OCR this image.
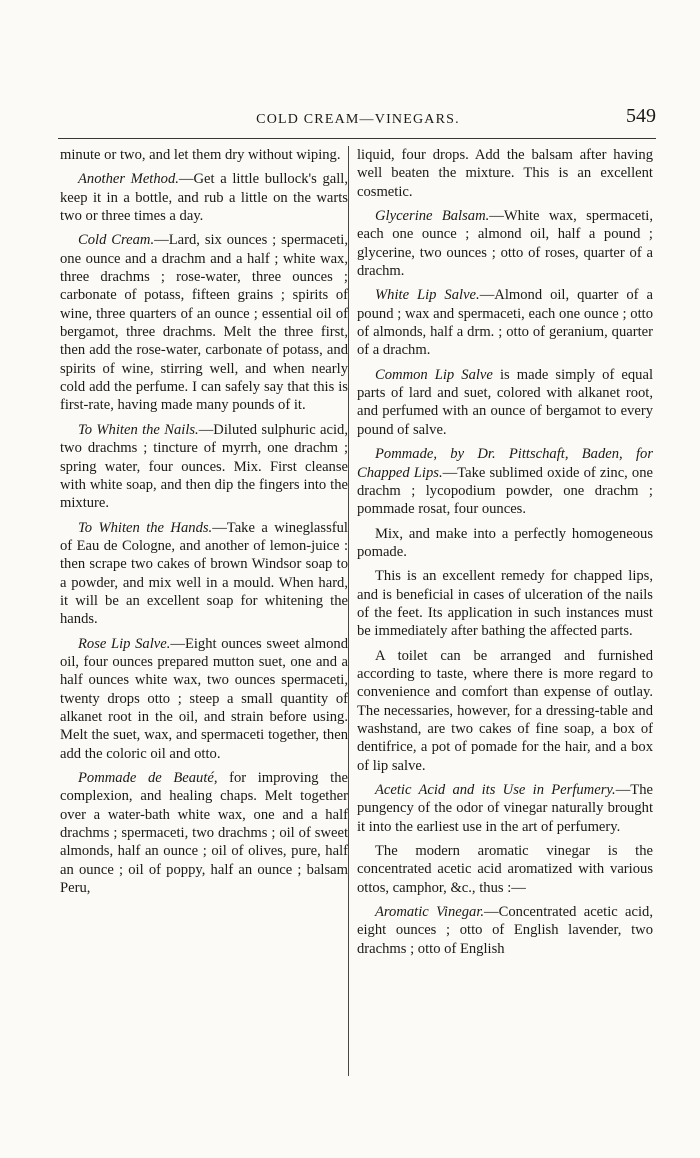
COLD CREAM—VINEGARS.	549

minute or two, and let them dry without wiping.

Another Method.—Get a little bullock's gall, keep it in a bottle, and rub a little on the warts two or three times a day.

Cold Cream.—Lard, six ounces ; spermaceti, one ounce and a drachm and a half ; white wax, three drachms ; rose-water, three ounces ; carbonate of potass, fifteen grains ; spirits of wine, three quarters of an ounce ; essential oil of bergamot, three drachms. Melt the three first, then add the rose-water, carbonate of potass, and spirits of wine, stirring well, and when nearly cold add the perfume. I can safely say that this is first-rate, having made many pounds of it.

To Whiten the Nails.—Diluted sulphuric acid, two drachms ; tincture of myrrh, one drachm ; spring water, four ounces. Mix. First cleanse with white soap, and then dip the fingers into the mixture.

To Whiten the Hands.—Take a wineglassful of Eau de Cologne, and another of lemon-juice : then scrape two cakes of brown Windsor soap to a powder, and mix well in a mould. When hard, it will be an excellent soap for whitening the hands.

Rose Lip Salve.—Eight ounces sweet almond oil, four ounces prepared mutton suet, one and a half ounces white wax, two ounces spermaceti, twenty drops otto ; steep a small quantity of alkanet root in the oil, and strain before using. Melt the suet, wax, and spermaceti together, then add the coloric oil and otto.

Pommade de Beauté, for improving the complexion, and healing chaps. Melt together over a water-bath white wax, one and a half drachms ; spermaceti, two drachms ; oil of sweet almonds, half an ounce ; oil of olives, pure, half an ounce ; oil of poppy, half an ounce ; balsam Peru,

liquid, four drops. Add the balsam after having well beaten the mixture. This is an excellent cosmetic.

Glycerine Balsam.—White wax, spermaceti, each one ounce ; almond oil, half a pound ; glycerine, two ounces ; otto of roses, quarter of a drachm.

White Lip Salve.—Almond oil, quarter of a pound ; wax and spermaceti, each one ounce ; otto of almonds, half a drm. ; otto of geranium, quarter of a drachm.

Common Lip Salve is made simply of equal parts of lard and suet, colored with alkanet root, and perfumed with an ounce of bergamot to every pound of salve.

Pommade, by Dr. Pittschaft, Baden, for Chapped Lips.—Take sublimed oxide of zinc, one drachm ; lycopodium powder, one drachm ; pommade rosat, four ounces.

Mix, and make into a perfectly homogeneous pomade.

This is an excellent remedy for chapped lips, and is beneficial in cases of ulceration of the nails of the feet. Its application in such instances must be immediately after bathing the affected parts.

A toilet can be arranged and furnished according to taste, where there is more regard to convenience and comfort than expense of outlay. The necessaries, however, for a dressing-table and washstand, are two cakes of fine soap, a box of dentifrice, a pot of pomade for the hair, and a box of lip salve.

Acetic Acid and its Use in Perfumery.—The pungency of the odor of vinegar naturally brought it into the earliest use in the art of perfumery.

The modern aromatic vinegar is the concentrated acetic acid aromatized with various ottos, camphor, &c., thus :—

Aromatic Vinegar.—Concentrated acetic acid, eight ounces ; otto of English lavender, two drachms ; otto of English
